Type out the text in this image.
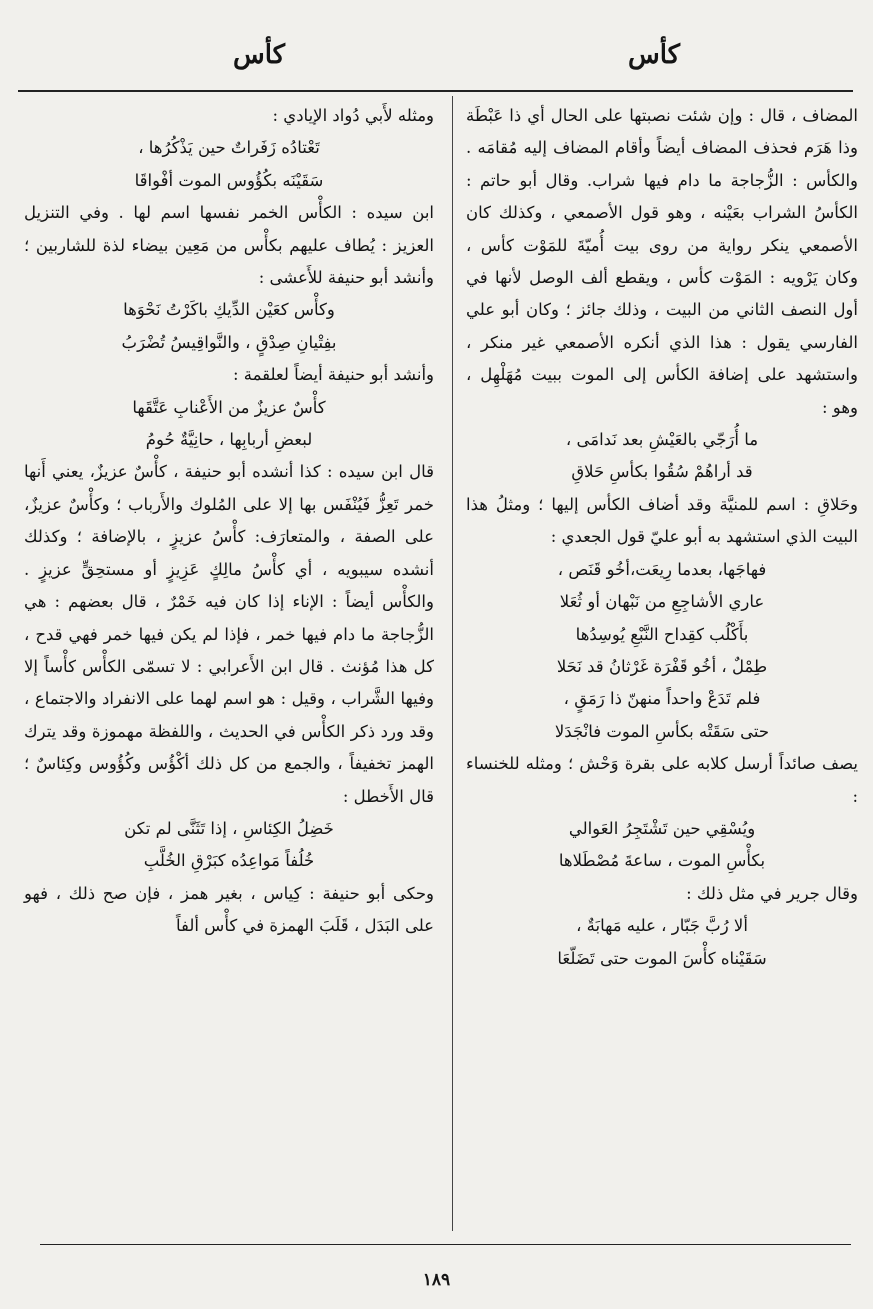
كأس
كأس

المضاف ، قال : وإن شئت نصبتها على الحال أي ذا عَبْطَة وذا هَرَم فحذف المضاف أيضاً وأقام المضاف إليه مُقامَه . والكأس : الزُّجاجة ما دام فيها شراب. وقال أبو حاتم : الكأسُ الشراب بعَيْنه ، وهو قول الأصمعي ، وكذلك كان الأصمعي ينكر رواية من روى بيت أُميّةَ للمَوْت كأس ، وكان يَرْويه : المَوْت كأس ، ويقطع ألف الوصل لأنها في أول النصف الثاني من البيت ، وذلك جائز ؛ وكان أبو علي الفارسي يقول : هذا الذي أنكره الأصمعي غير منكر ، واستشهد على إضافة الكأس إلى الموت ببيت مُهَلْهِل ، وهو :

ما أُرَجّي بالعَيْشِ بعد نَدامَى ،

قد أراهُمْ سُقُوا بكأسِ حَلاقِ

وحَلاقِ : اسم للمنيَّة وقد أضاف الكأس إليها ؛ ومثلُ هذا البيت الذي استشهد به أبو عليّ قول الجعدي :

فهاجَها، بعدما رِيعَت،أخُو قَنَص ،

عاري الأشاجِعِ من نَبْهان أو ثُعَلا

بأَكْلُب كقِداح النَّبْعِ يُوسِدُها

طِمْلٌ ، أخُو قَفْرَة غَرْثانُ قد نَحَلا

فلم تَدَعْ واحداً منهنّ ذا رَمَقٍ ،

حتى سَقَتْه بكأسِ الموت فانْجَدَلا

يصف صائداً أرسل كلابه على بقرة وَحْش ؛ ومثله للخنساء :

ويُسْقِي حين تَشْتَجِرُ العَوالي

بكأْسِ الموت ، ساعةَ مُصْطَلاها

وقال جرير في مثل ذلك :

ألا رُبَّ جَبّار ، عليه مَهابَةٌ ،

سَقَيْناه كأْسَ الموت حتى تَضَلّعَا

ومثله لأَبي دُواد الإيادي :

تَعْتادُه زَفَراتٌ حين يَذْكُرُها ،

سَقَيْنَه بكُؤُوس الموت أفْواقَا

ابن سيده : الكأْس الخمر نفسها اسم لها . وفي التنزيل العزيز : يُطاف عليهم بكأْس من مَعِين بيضاء لذة للشاربين ؛ وأنشد أبو حنيفة للأَعشى :

وكأْس كعَيْن الدِّيكِ باكَرْتُ نَحْوَها

بفِتْيانِ صِدْقٍ ، والنَّواقِيسُ تُضْرَبُ

وأنشد أبو حنيفة أيضاً لعلقمة :

كأْسٌ عزيزٌ من الأَعْنابِ عَتَّقَها

لبعضِ أربابِها ، حانِيَّةٌ حُومُ

قال ابن سيده : كذا أنشده أبو حنيفة ، كأْسٌ عزيزٌ، يعني أَنها خمر تَعِزُّ فَيُنْفَس بها إلا على المُلوك والأَرباب ؛ وكأْسٌ عزيزٌ، على الصفة ، والمتعارَف: كأْسُ عزيزٍ ، بالإضافة ؛ وكذلك أنشده سيبويه ، أي كأْسُ مالِكٍ عَزِيزٍ أو مستحِقٍّ عزيزٍ . والكأْس أيضاً : الإناء إذا كان فيه خَمْرٌ ، قال بعضهم : هي الزُّجاجة ما دام فيها خمر ، فإذا لم يكن فيها خمر فهي قدح ، كل هذا مُؤنث . قال ابن الأَعرابي : لا تسمّى الكأْس كأْساً إلا وفيها الشَّراب ، وقيل : هو اسم لهما على الانفراد والاجتماع ، وقد ورد ذكر الكأْس في الحديث ، واللفظة مهموزة وقد يترك الهمز تخفيفاً ، والجمع من كل ذلك أكْؤُس وكُؤُوس وكِئاسٌ ؛ قال الأَخطل :

خَضِلُ الكِئاسِ ، إذا تَثَنَّى لم تكن

خُلُفاً مَواعِدُه كبَرْقِ الخُلَّبِ

وحكى أبو حنيفة : كِياس ، بغير همز ، فإن صح ذلك ، فهو على البَدَل ، قَلَبَ الهمزة في كأْس ألفاً

١٨٩
